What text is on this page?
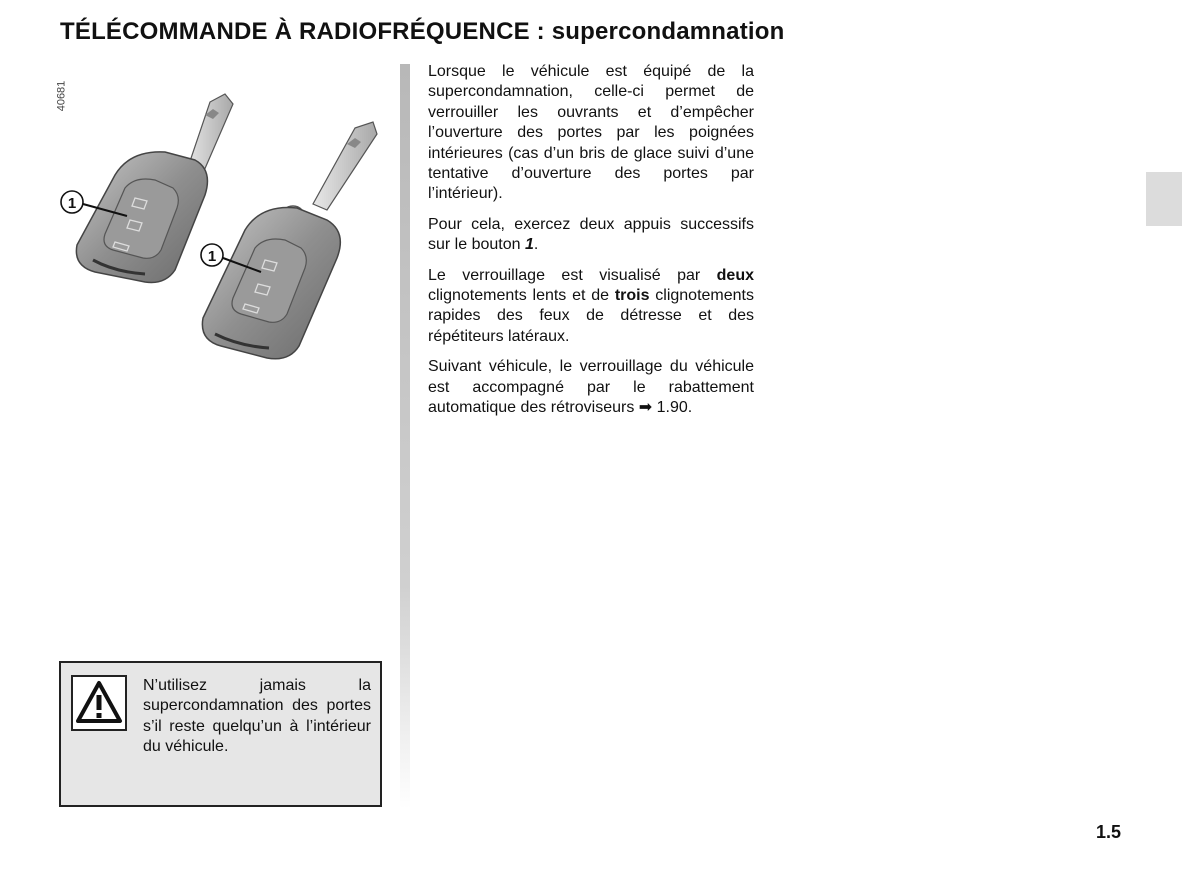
TÉLÉCOMMANDE À RADIOFRÉQUENCE : supercondamnation
40681
1
1

Lorsque le véhicule est équipé de la supercondamnation, celle-ci permet de verrouiller les ouvrants et d’empêcher l’ouverture des portes par les poignées intérieures (cas d’un bris de glace suivi d’une tentative d’ouverture des portes par l’intérieur).

Pour cela, exercez deux appuis successifs sur le bouton 1.

Le verrouillage est visualisé par deux clignotements lents et de trois clignotements rapides des feux de détresse et des répétiteurs latéraux.

Suivant véhicule, le verrouillage du véhicule est accompagné par le rabattement automatique des rétroviseurs ➡ 1.90.

N’utilisez jamais la supercondamnation des portes s’il reste quelqu’un à l’intérieur du véhicule.
1.5
